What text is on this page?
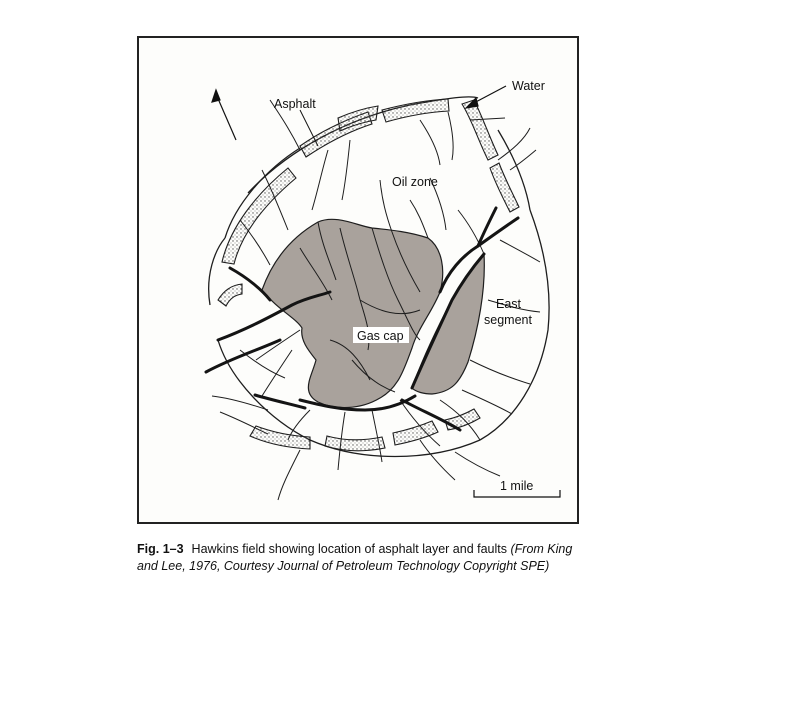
Asphalt
Water
Oil zone
Gas cap
East
segment
1 mile
Fig. 1–3 Hawkins field showing location of asphalt layer and faults (From King
and Lee, 1976, Courtesy Journal of Petroleum Technology Copyright SPE)
